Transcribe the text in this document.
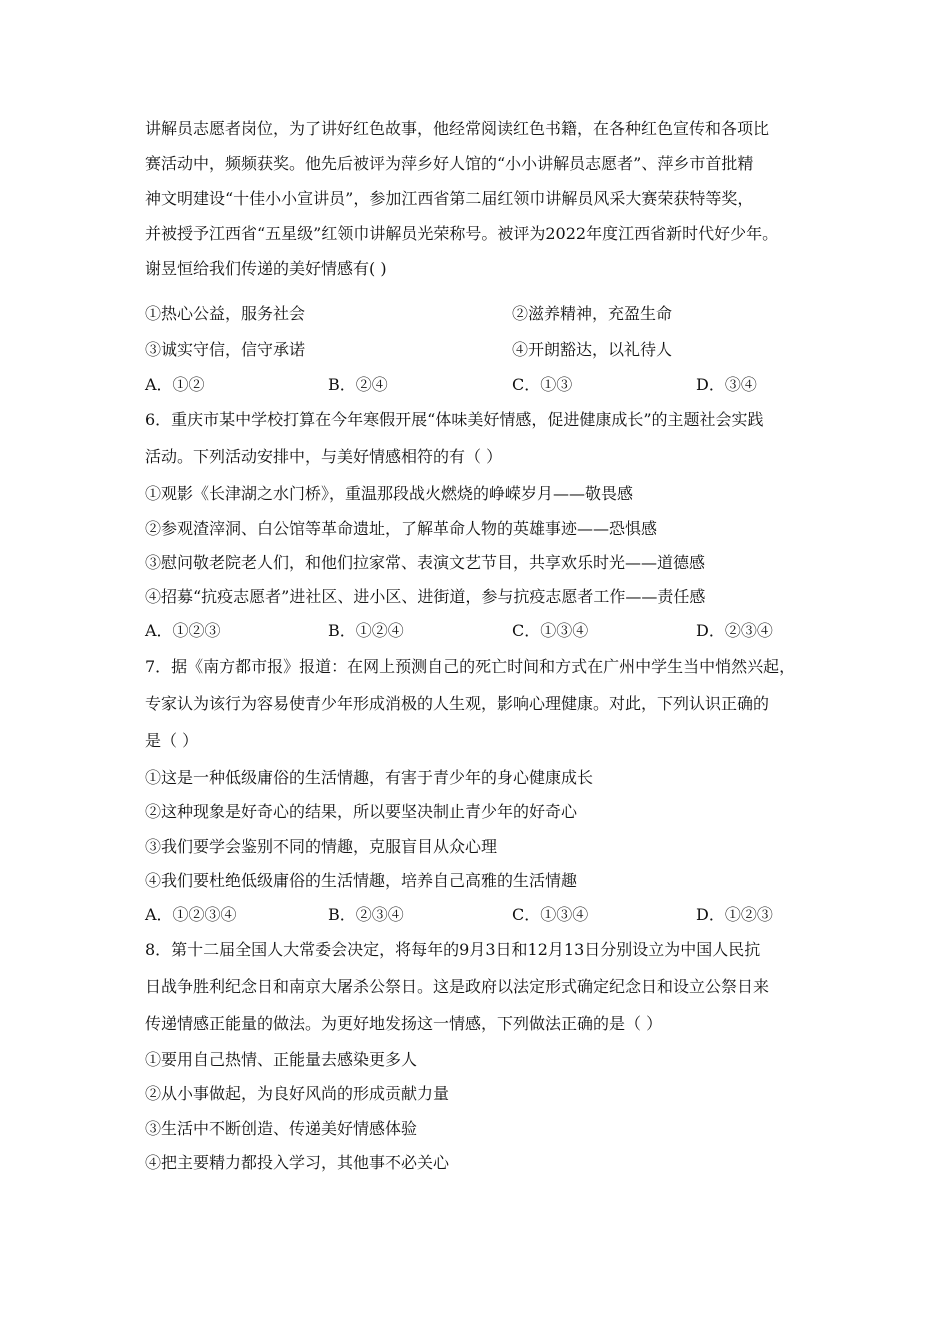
讲解员志愿者岗位，为了讲好红色故事，他经常阅读红色书籍，在各种红色宣传和各项比
赛活动中，频频获奖。他先后被评为萍乡好人馆的“小小讲解员志愿者”、萍乡市首批精
神文明建设“十佳小小宣讲员”，参加江西省第二届红领巾讲解员风采大赛荣获特等奖，
并被授予江西省“五星级”红领巾讲解员光荣称号。被评为2022年度江西省新时代好少年。
谢昱恒给我们传递的美好情感有( )
①热心公益，服务社会	②滋养精神，充盈生命
③诚实守信，信守承诺	④开朗豁达，以礼待人
A．①②	B．②④	C．①③	D．③④
6．重庆市某中学校打算在今年寒假开展“体味美好情感，促进健康成长”的主题社会实践
活动。下列活动安排中，与美好情感相符的有（ ）
①观影《长津湖之水门桥》，重温那段战火燃烧的峥嵘岁月——敬畏感
②参观渣滓洞、白公馆等革命遗址，了解革命人物的英雄事迹——恐惧感
③慰问敬老院老人们，和他们拉家常、表演文艺节目，共享欢乐时光——道德感
④招募“抗疫志愿者”进社区、进小区、进街道，参与抗疫志愿者工作——责任感
A．①②③	B．①②④	C．①③④	D．②③④
7．据《南方都市报》报道：在网上预测自己的死亡时间和方式在广州中学生当中悄然兴起，
专家认为该行为容易使青少年形成消极的人生观，影响心理健康。对此，下列认识正确的
是（ ）
①这是一种低级庸俗的生活情趣，有害于青少年的身心健康成长
②这种现象是好奇心的结果，所以要坚决制止青少年的好奇心
③我们要学会鉴别不同的情趣，克服盲目从众心理
④我们要杜绝低级庸俗的生活情趣，培养自己高雅的生活情趣
A．①②③④	B．②③④	C．①③④	D．①②③
8．第十二届全国人大常委会决定，将每年的9月3日和12月13日分别设立为中国人民抗
日战争胜利纪念日和南京大屠杀公祭日。这是政府以法定形式确定纪念日和设立公祭日来
传递情感正能量的做法。为更好地发扬这一情感，下列做法正确的是（ ）
①要用自己热情、正能量去感染更多人
②从小事做起，为良好风尚的形成贡献力量
③生活中不断创造、传递美好情感体验
④把主要精力都投入学习，其他事不必关心
